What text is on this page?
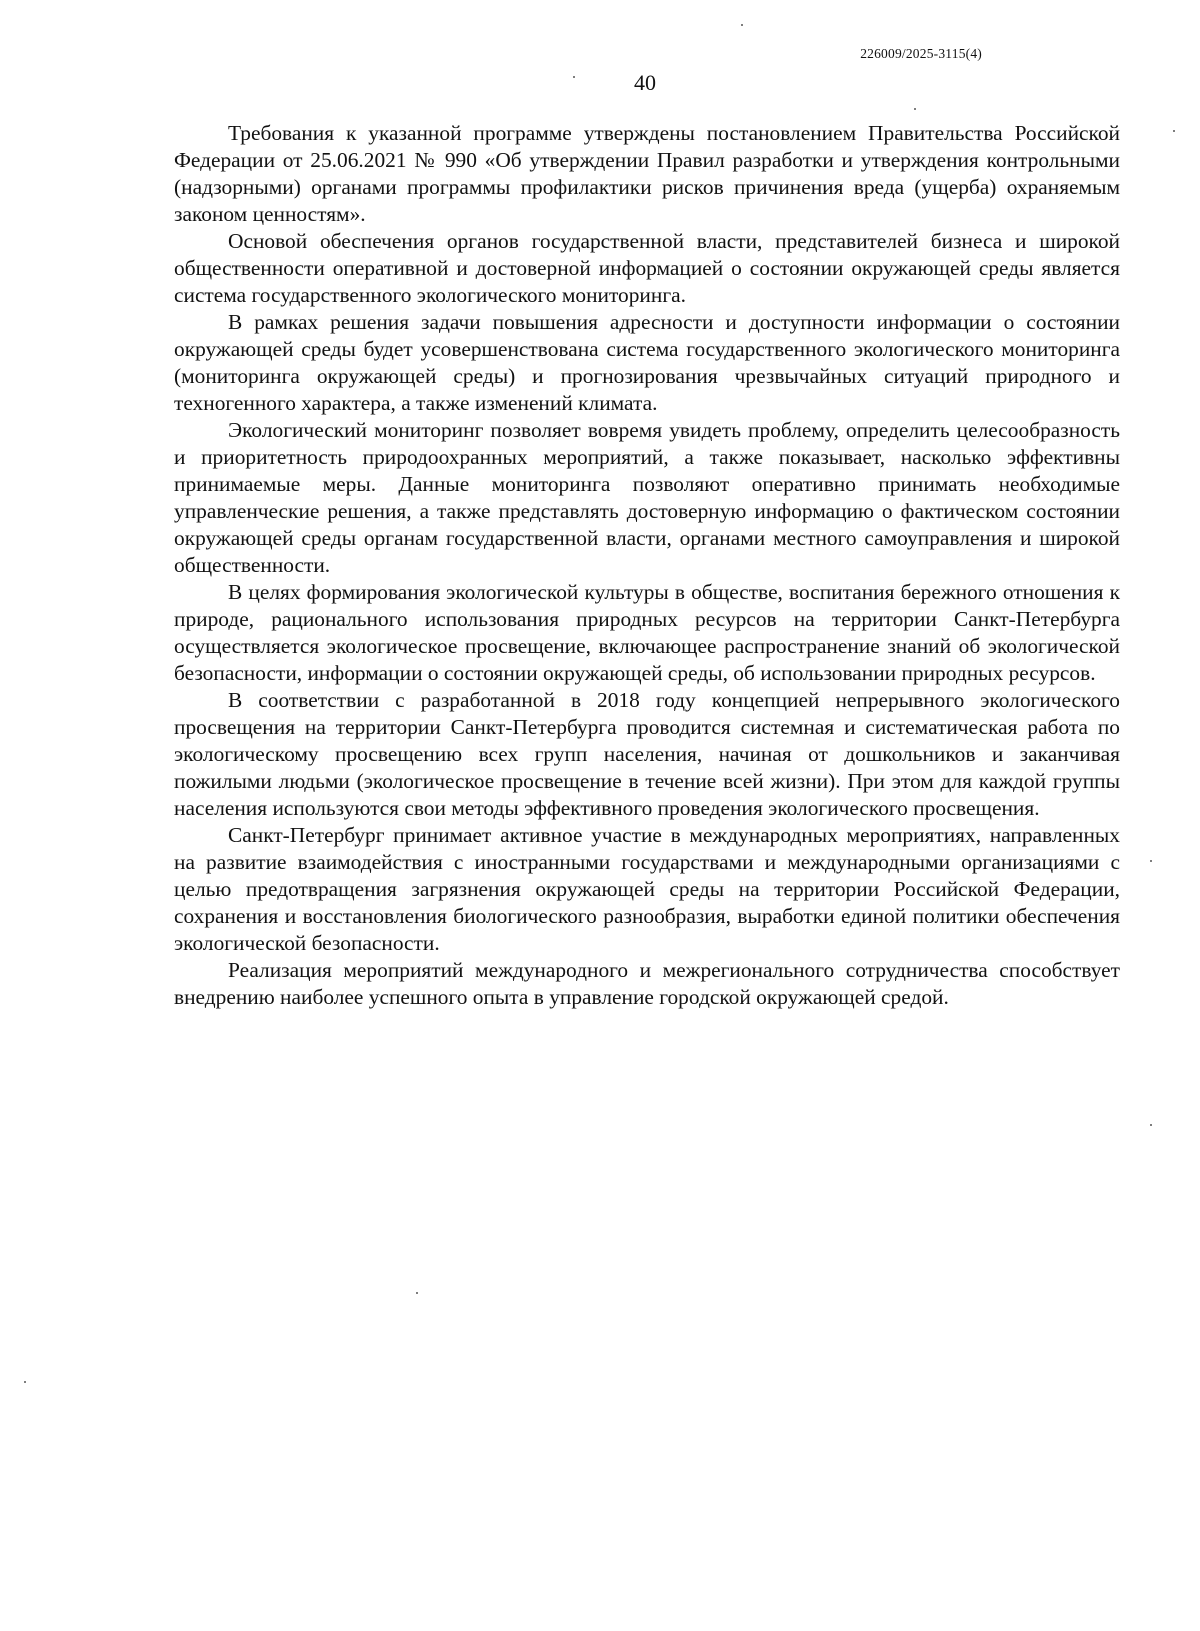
226009/2025-3115(4)
40

Требования к указанной программе утверждены постановлением Правительства Российской Федерации от 25.06.2021 № 990 «Об утверждении Правил разработки и утверждения контрольными (надзорными) органами программы профилактики рисков причинения вреда (ущерба) охраняемым законом ценностям».

Основой обеспечения органов государственной власти, представителей бизнеса и широкой общественности оперативной и достоверной информацией о состоянии окружающей среды является система государственного экологического мониторинга.

В рамках решения задачи повышения адресности и доступности информации о состоянии окружающей среды будет усовершенствована система государственного экологического мониторинга (мониторинга окружающей среды) и прогнозирования чрезвычайных ситуаций природного и техногенного характера, а также изменений климата.

Экологический мониторинг позволяет вовремя увидеть проблему, определить целесообразность и приоритетность природоохранных мероприятий, а также показывает, насколько эффективны принимаемые меры. Данные мониторинга позволяют оперативно принимать необходимые управленческие решения, а также представлять достоверную информацию о фактическом состоянии окружающей среды органам государственной власти, органами местного самоуправления и широкой общественности.

В целях формирования экологической культуры в обществе, воспитания бережного отношения к природе, рационального использования природных ресурсов на территории Санкт-Петербурга осуществляется экологическое просвещение, включающее распространение знаний об экологической безопасности, информации о состоянии окружающей среды, об использовании природных ресурсов.

В соответствии с разработанной в 2018 году концепцией непрерывного экологического просвещения на территории Санкт-Петербурга проводится системная и систематическая работа по экологическому просвещению всех групп населения, начиная от дошкольников и заканчивая пожилыми людьми (экологическое просвещение в течение всей жизни). При этом для каждой группы населения используются свои методы эффективного проведения экологического просвещения.

Санкт-Петербург принимает активное участие в международных мероприятиях, направленных на развитие взаимодействия с иностранными государствами и международными организациями с целью предотвращения загрязнения окружающей среды на территории Российской Федерации, сохранения и восстановления биологического разнообразия, выработки единой политики обеспечения экологической безопасности.

Реализация мероприятий международного и межрегионального сотрудничества способствует внедрению наиболее успешного опыта в управление городской окружающей средой.
